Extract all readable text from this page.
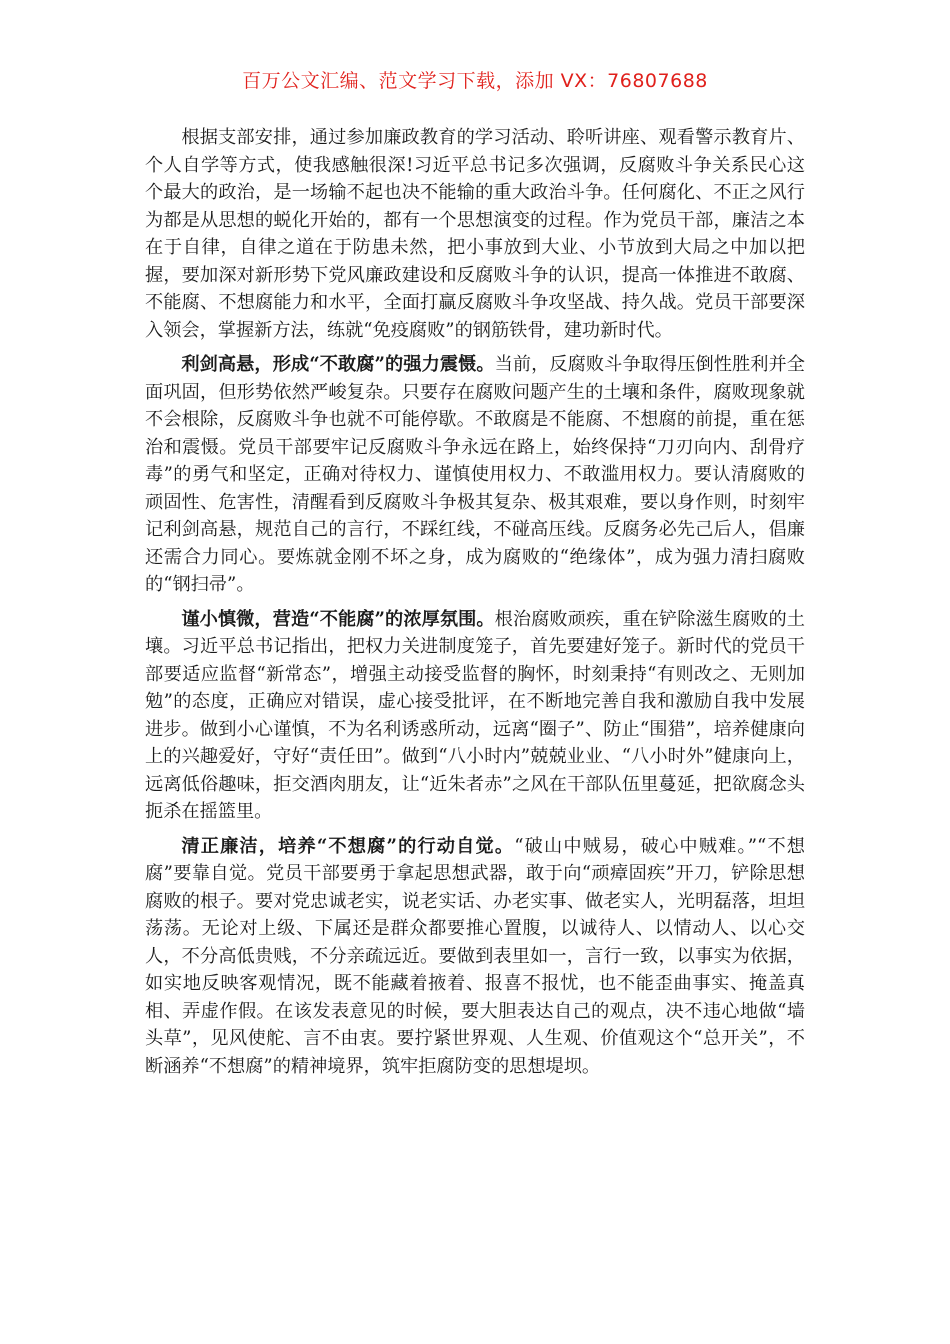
百万公文汇编、范文学习下载，添加 VX：76807688

根据支部安排，通过参加廉政教育的学习活动、聆听讲座、观看警示教育片、个人自学等方式，使我感触很深!习近平总书记多次强调，反腐败斗争关系民心这个最大的政治，是一场输不起也决不能输的重大政治斗争。任何腐化、不正之风行为都是从思想的蜕化开始的，都有一个思想演变的过程。作为党员干部，廉洁之本在于自律，自律之道在于防患未然，把小事放到大业、小节放到大局之中加以把握，要加深对新形势下党风廉政建设和反腐败斗争的认识，提高一体推进不敢腐、不能腐、不想腐能力和水平，全面打赢反腐败斗争攻坚战、持久战。党员干部要深入领会，掌握新方法，练就“免疫腐败”的钢筋铁骨，建功新时代。

利剑高悬，形成“不敢腐”的强力震慑。当前，反腐败斗争取得压倒性胜利并全面巩固，但形势依然严峻复杂。只要存在腐败问题产生的土壤和条件，腐败现象就不会根除，反腐败斗争也就不可能停歇。不敢腐是不能腐、不想腐的前提，重在惩治和震慑。党员干部要牢记反腐败斗争永远在路上，始终保持“刀刃向内、刮骨疗毒”的勇气和坚定，正确对待权力、谨慎使用权力、不敢滥用权力。要认清腐败的顽固性、危害性，清醒看到反腐败斗争极其复杂、极其艰难，要以身作则，时刻牢记利剑高悬，规范自己的言行，不踩红线，不碰高压线。反腐务必先己后人，倡廉还需合力同心。要炼就金刚不坏之身，成为腐败的“绝缘体”，成为强力清扫腐败的“钢扫帚”。

谨小慎微，营造“不能腐”的浓厚氛围。根治腐败顽疾，重在铲除滋生腐败的土壤。习近平总书记指出，把权力关进制度笼子，首先要建好笼子。新时代的党员干部要适应监督“新常态”，增强主动接受监督的胸怀，时刻秉持“有则改之、无则加勉”的态度，正确应对错误，虚心接受批评，在不断地完善自我和激励自我中发展进步。做到小心谨慎，不为名利诱惑所动，远离“圈子”、防止“围猎”，培养健康向上的兴趣爱好，守好“责任田”。做到“八小时内”兢兢业业、“八小时外”健康向上，远离低俗趣味，拒交酒肉朋友，让“近朱者赤”之风在干部队伍里蔓延，把欲腐念头扼杀在摇篮里。

清正廉洁，培养“不想腐”的行动自觉。“破山中贼易，破心中贼难。”“不想腐”要靠自觉。党员干部要勇于拿起思想武器，敢于向“顽瘴固疾”开刀，铲除思想腐败的根子。要对党忠诚老实，说老实话、办老实事、做老实人，光明磊落，坦坦荡荡。无论对上级、下属还是群众都要推心置腹，以诚待人、以情动人、以心交人，不分高低贵贱，不分亲疏远近。要做到表里如一，言行一致，以事实为依据，如实地反映客观情况，既不能藏着掖着、报喜不报忧，也不能歪曲事实、掩盖真相、弄虚作假。在该发表意见的时候，要大胆表达自己的观点，决不违心地做“墙头草”，见风使舵、言不由衷。要拧紧世界观、人生观、价值观这个“总开关”，不断涵养“不想腐”的精神境界，筑牢拒腐防变的思想堤坝。
